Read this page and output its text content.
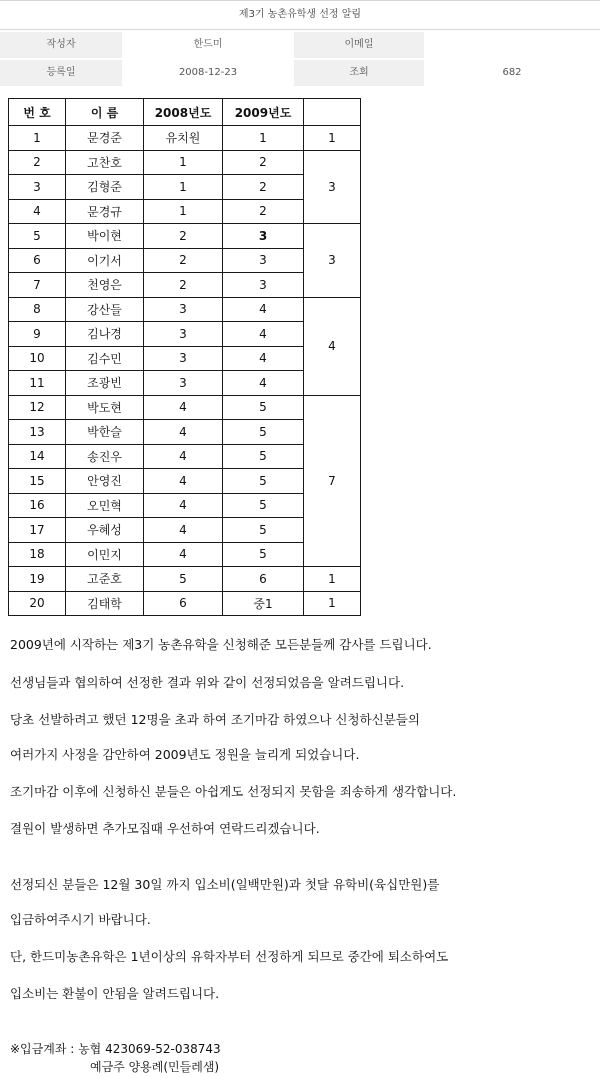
제3기 농촌유학생 선정 알림
작성자	한드미	이메일
등록일	2008-12-23	조회	682
번 호	이 름	2008년도	2009년도	
1	문경준	유치원	1	1
2	고찬호	1	2	3
3	김형준	1	2	
4	문경규	1	2	
5	박이현	2	3	3
6	이기서	2	3	
7	천영은	2	3	
8	강산들	3	4	4
9	김나경	3	4	
10	김수민	3	4	
11	조광빈	3	4	
12	박도현	4	5	7
13	박한슬	4	5	
14	송진우	4	5	
15	안영진	4	5	
16	오민혁	4	5	
17	우혜성	4	5	
18	이민지	4	5	
19	고준호	5	6	1
20	김태학	6	중1	1
2009년에 시작하는 제3기 농촌유학을 신청해준 모든분들께 감사를 드립니다.
선생님들과 협의하여 선정한 결과 위와 같이 선정되었음을 알려드립니다.
당초 선발하려고 했던 12명을 초과 하여 조기마감 하였으나 신청하신분들의
여러가지 사정을 감안하여 2009년도 정원을 늘리게 되었습니다.
조기마감 이후에 신청하신 분들은 아쉽게도 선정되지 못함을 죄송하게 생각합니다.
결원이 발생하면 추가모집때 우선하여 연락드리겠습니다.
선정되신 분들은 12월 30일 까지 입소비(일백만원)과 첫달 유학비(육십만원)를
입금하여주시기 바랍니다.
단, 한드미농촌유학은 1년이상의 유학자부터 선정하게 되므로 중간에 퇴소하여도
입소비는 환불이 안됨을 알려드립니다.
※입금계좌 : 농협 423069-52-038743
예금주 양용례(민들레샘)
